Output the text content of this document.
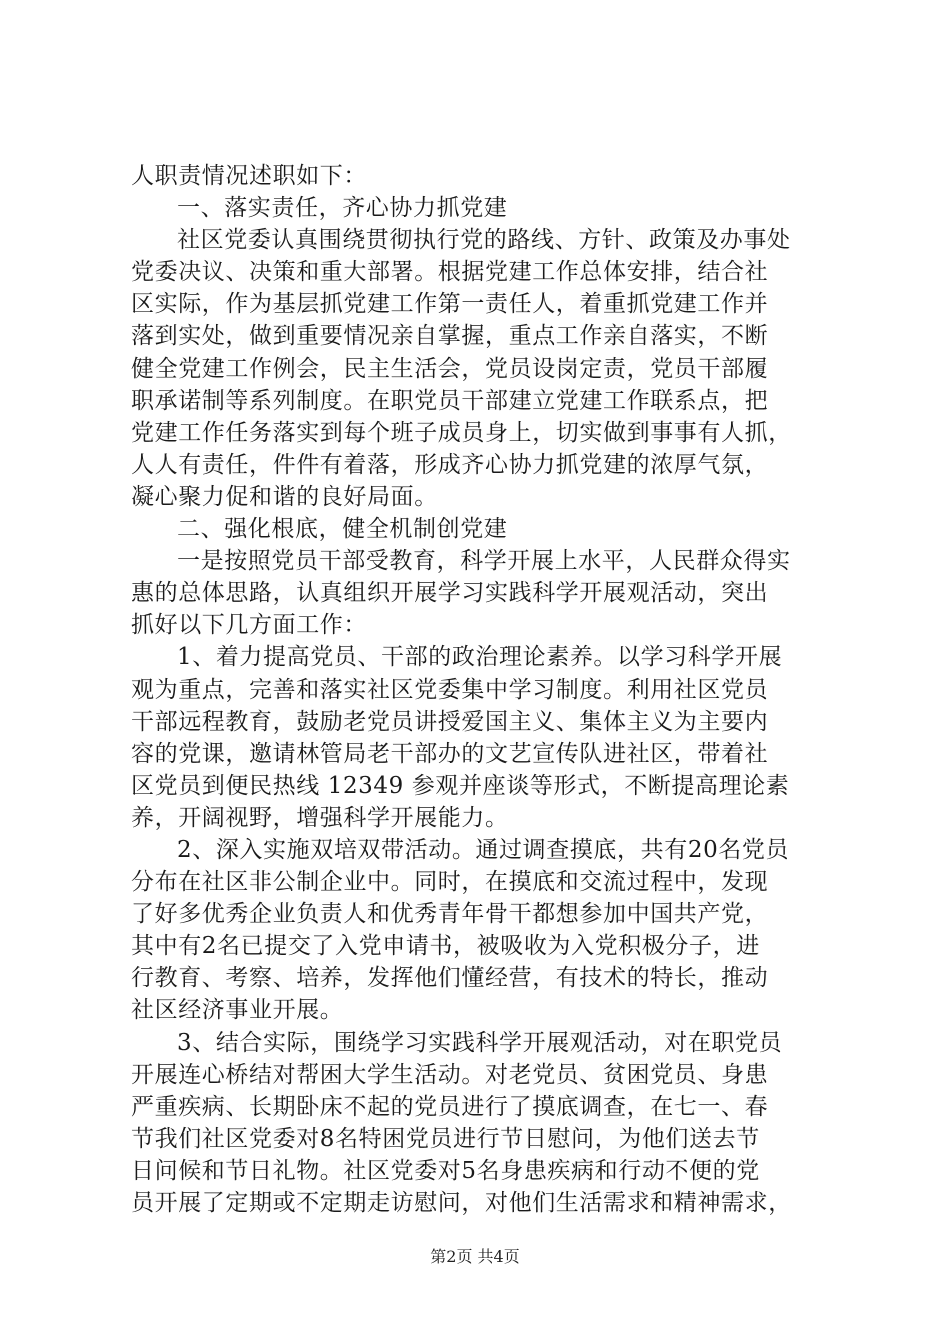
人职责情况述职如下：
一、落实责任，齐心协力抓党建
社区党委认真围绕贯彻执行党的路线、方针、政策及办事处
党委决议、决策和重大部署。根据党建工作总体安排，结合社
区实际，作为基层抓党建工作第一责任人，着重抓党建工作并
落到实处，做到重要情况亲自掌握，重点工作亲自落实，不断
健全党建工作例会，民主生活会，党员设岗定责，党员干部履
职承诺制等系列制度。在职党员干部建立党建工作联系点，把
党建工作任务落实到每个班子成员身上，切实做到事事有人抓，
人人有责任，件件有着落，形成齐心协力抓党建的浓厚气氛，
凝心聚力促和谐的良好局面。
二、强化根底，健全机制创党建
一是按照党员干部受教育，科学开展上水平，人民群众得实
惠的总体思路，认真组织开展学习实践科学开展观活动，突出
抓好以下几方面工作：
1、着力提高党员、干部的政治理论素养。以学习科学开展
观为重点，完善和落实社区党委集中学习制度。利用社区党员
干部远程教育，鼓励老党员讲授爱国主义、集体主义为主要内
容的党课，邀请林管局老干部办的文艺宣传队进社区，带着社
区党员到便民热线 12349 参观并座谈等形式，不断提高理论素
养，开阔视野，增强科学开展能力。
2、深入实施双培双带活动。通过调查摸底，共有20名党员
分布在社区非公制企业中。同时，在摸底和交流过程中，发现
了好多优秀企业负责人和优秀青年骨干都想参加中国共产党，
其中有2名已提交了入党申请书，被吸收为入党积极分子，进
行教育、考察、培养，发挥他们懂经营，有技术的特长，推动
社区经济事业开展。
3、结合实际，围绕学习实践科学开展观活动，对在职党员
开展连心桥结对帮困大学生活动。对老党员、贫困党员、身患
严重疾病、长期卧床不起的党员进行了摸底调查，在七一、春
节我们社区党委对8名特困党员进行节日慰问，为他们送去节
日问候和节日礼物。社区党委对5名身患疾病和行动不便的党
员开展了定期或不定期走访慰问，对他们生活需求和精神需求，
第2页 共4页
